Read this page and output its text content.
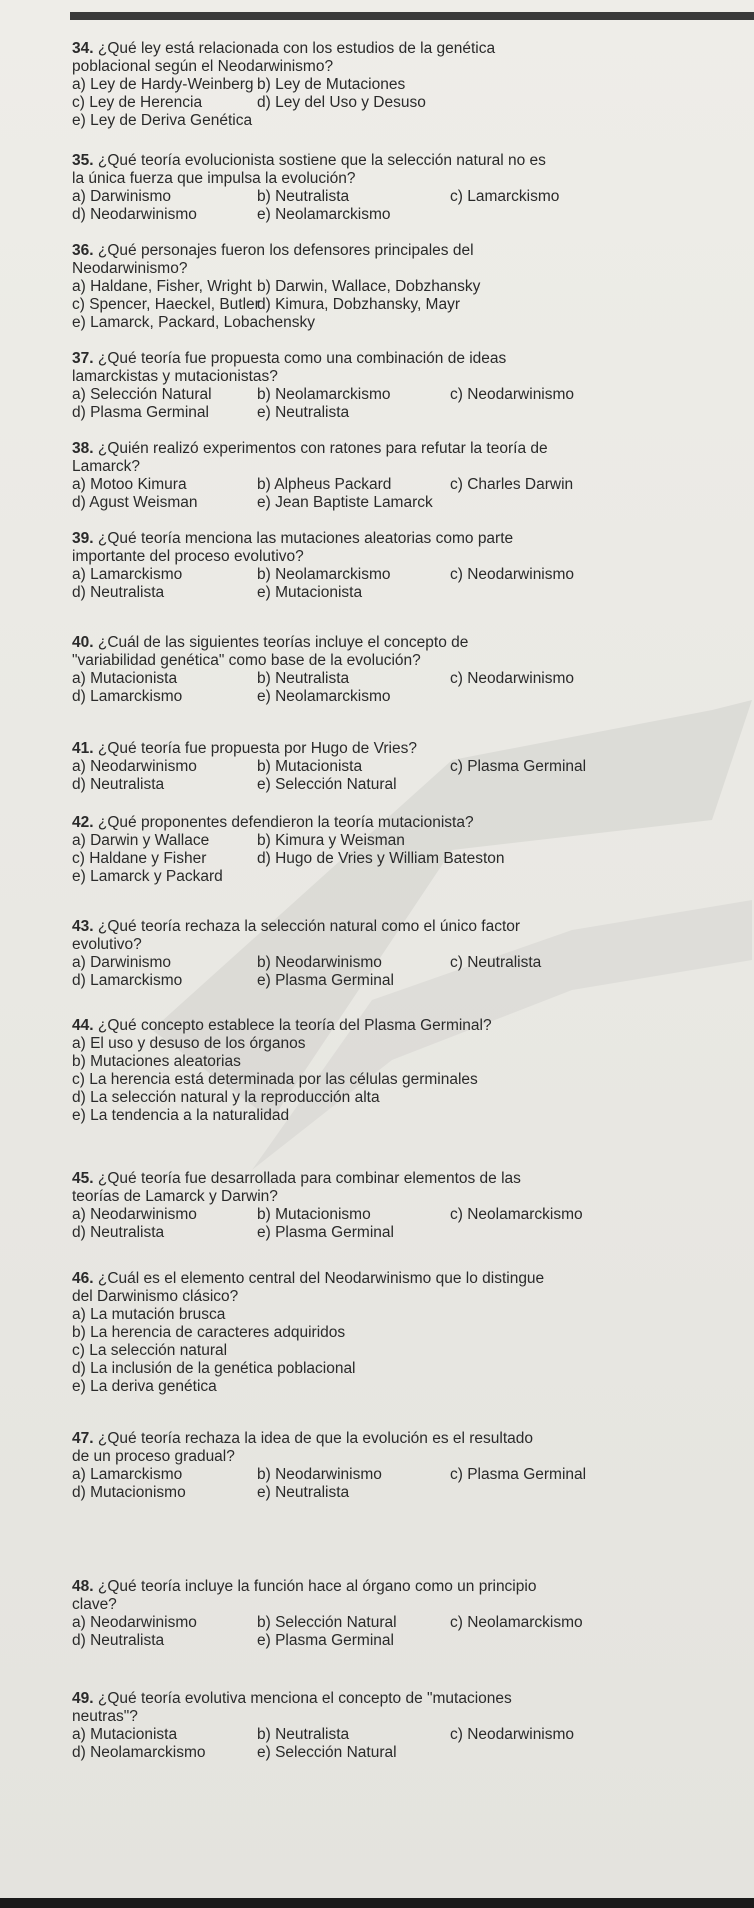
34. ¿Qué ley está relacionada con los estudios de la genética
poblacional según el Neodarwinismo?
a) Ley de Hardy-Weinberg b) Ley de Mutaciones
c) Ley de Herencia	d) Ley del Uso y Desuso
e) Ley de Deriva Genética
35. ¿Qué teoría evolucionista sostiene que la selección natural no es
la única fuerza que impulsa la evolución?
a) Darwinismo	b) Neutralista	c) Lamarckismo
d) Neodarwinismo	e) Neolamarckismo
36. ¿Qué personajes fueron los defensores principales del
Neodarwinismo?
a) Haldane, Fisher, Wright b) Darwin, Wallace, Dobzhansky
c) Spencer, Haeckel, Butler
d) Kimura, Dobzhansky, Mayr
e) Lamarck, Packard, Lobachensky
37. ¿Qué teoría fue propuesta como una combinación de ideas
lamarckistas y mutacionistas?
a) Selección Natural	b) Neolamarckismo	c) Neodarwinismo
d) Plasma Germinal	e) Neutralista
38. ¿Quién realizó experimentos con ratones para refutar la teoría de
Lamarck?
a) Motoo Kimura	b) Alpheus Packard	c) Charles Darwin
d) Agust Weisman	e) Jean Baptiste Lamarck
39. ¿Qué teoría menciona las mutaciones aleatorias como parte
importante del proceso evolutivo?
a) Lamarckismo	b) Neolamarckismo	c) Neodarwinismo
d) Neutralista	e) Mutacionista
40. ¿Cuál de las siguientes teorías incluye el concepto de
"variabilidad genética" como base de la evolución?
a) Mutacionista	b) Neutralista	c) Neodarwinismo
d) Lamarckismo	e) Neolamarckismo
41. ¿Qué teoría fue propuesta por Hugo de Vries?
a) Neodarwinismo	b) Mutacionista	c) Plasma Germinal
d) Neutralista	e) Selección Natural
42. ¿Qué proponentes defendieron la teoría mutacionista?
a) Darwin y Wallace	b) Kimura y Weisman
c) Haldane y Fisher	d) Hugo de Vries y William Bateston
e) Lamarck y Packard
43. ¿Qué teoría rechaza la selección natural como el único factor
evolutivo?
a) Darwinismo	b) Neodarwinismo	c) Neutralista
d) Lamarckismo	e) Plasma Germinal
44. ¿Qué concepto establece la teoría del Plasma Germinal?
a) El uso y desuso de los órganos
b) Mutaciones aleatorias
c) La herencia está determinada por las células germinales
d) La selección natural y la reproducción alta
e) La tendencia a la naturalidad
45. ¿Qué teoría fue desarrollada para combinar elementos de las
teorías de Lamarck y Darwin?
a) Neodarwinismo	b) Mutacionismo	c) Neolamarckismo
d) Neutralista	e) Plasma Germinal
46. ¿Cuál es el elemento central del Neodarwinismo que lo distingue
del Darwinismo clásico?
a) La mutación brusca
b) La herencia de caracteres adquiridos
c) La selección natural
d) La inclusión de la genética poblacional
e) La deriva genética
47. ¿Qué teoría rechaza la idea de que la evolución es el resultado
de un proceso gradual?
a) Lamarckismo	b) Neodarwinismo	c) Plasma Germinal
d) Mutacionismo	e) Neutralista
48. ¿Qué teoría incluye la función hace al órgano como un principio
clave?
a) Neodarwinismo	b) Selección Natural	c) Neolamarckismo
d) Neutralista	e) Plasma Germinal
49. ¿Qué teoría evolutiva menciona el concepto de "mutaciones
neutras"?
a) Mutacionista	b) Neutralista	c) Neodarwinismo
d) Neolamarckismo	e) Selección Natural
